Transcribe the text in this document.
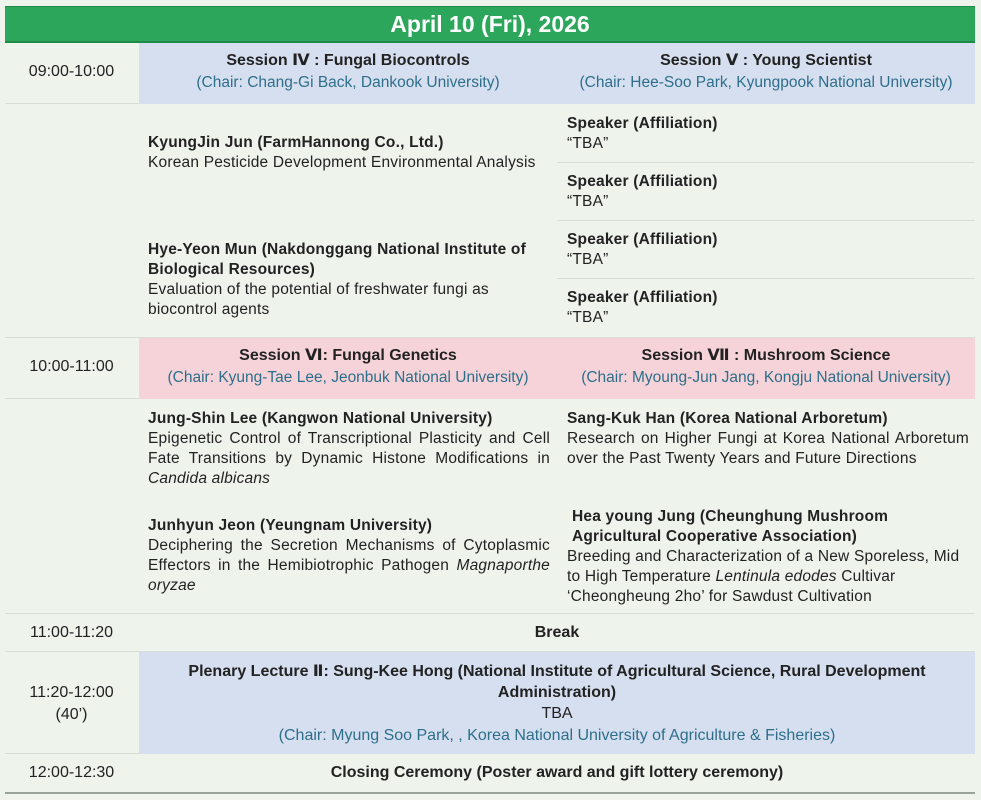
April 10 (Fri), 2026
09:00-10:00
Session Ⅳ : Fungal Biocontrols
(Chair: Chang-Gi Back, Dankook University)
Session Ⅴ : Young Scientist
(Chair: Hee-Soo Park, Kyungpook National University)
KyungJin Jun (FarmHannong Co., Ltd.)
Korean Pesticide Development Environmental Analysis
Hye-Yeon Mun (Nakdonggang National Institute of Biological Resources)
Evaluation of the potential of freshwater fungi as biocontrol agents
Speaker (Affiliation)
“TBA”
Speaker (Affiliation)
“TBA”
Speaker (Affiliation)
“TBA”
Speaker (Affiliation)
“TBA”
10:00-11:00
Session Ⅵ: Fungal Genetics
(Chair: Kyung-Tae Lee, Jeonbuk National University)
Session Ⅶ : Mushroom Science
(Chair: Myoung-Jun Jang, Kongju National University)
Jung-Shin Lee (Kangwon National University)
Epigenetic Control of Transcriptional Plasticity and Cell Fate Transitions by Dynamic Histone Modifications in Candida albicans
Junhyun Jeon (Yeungnam University)
Deciphering the Secretion Mechanisms of Cytoplasmic Effectors in the Hemibiotrophic Pathogen Magnaporthe oryzae
Sang-Kuk Han (Korea National Arboretum)
Research on Higher Fungi at Korea National Arboretum over the Past Twenty Years and Future Directions
Hea young Jung (Cheunghung Mushroom Agricultural Cooperative Association)
Breeding and Characterization of a New Sporeless, Mid to High Temperature Lentinula edodes Cultivar ‘Cheongheung 2ho’ for Sawdust Cultivation
11:00-11:20	Break
11:20-12:00
(40’)
Plenary Lecture Ⅱ: Sung-Kee Hong (National Institute of Agricultural Science, Rural Development Administration)
TBA
(Chair: Myung Soo Park, , Korea National University of Agriculture & Fisheries)
12:00-12:30	Closing Ceremony (Poster award and gift lottery ceremony)
